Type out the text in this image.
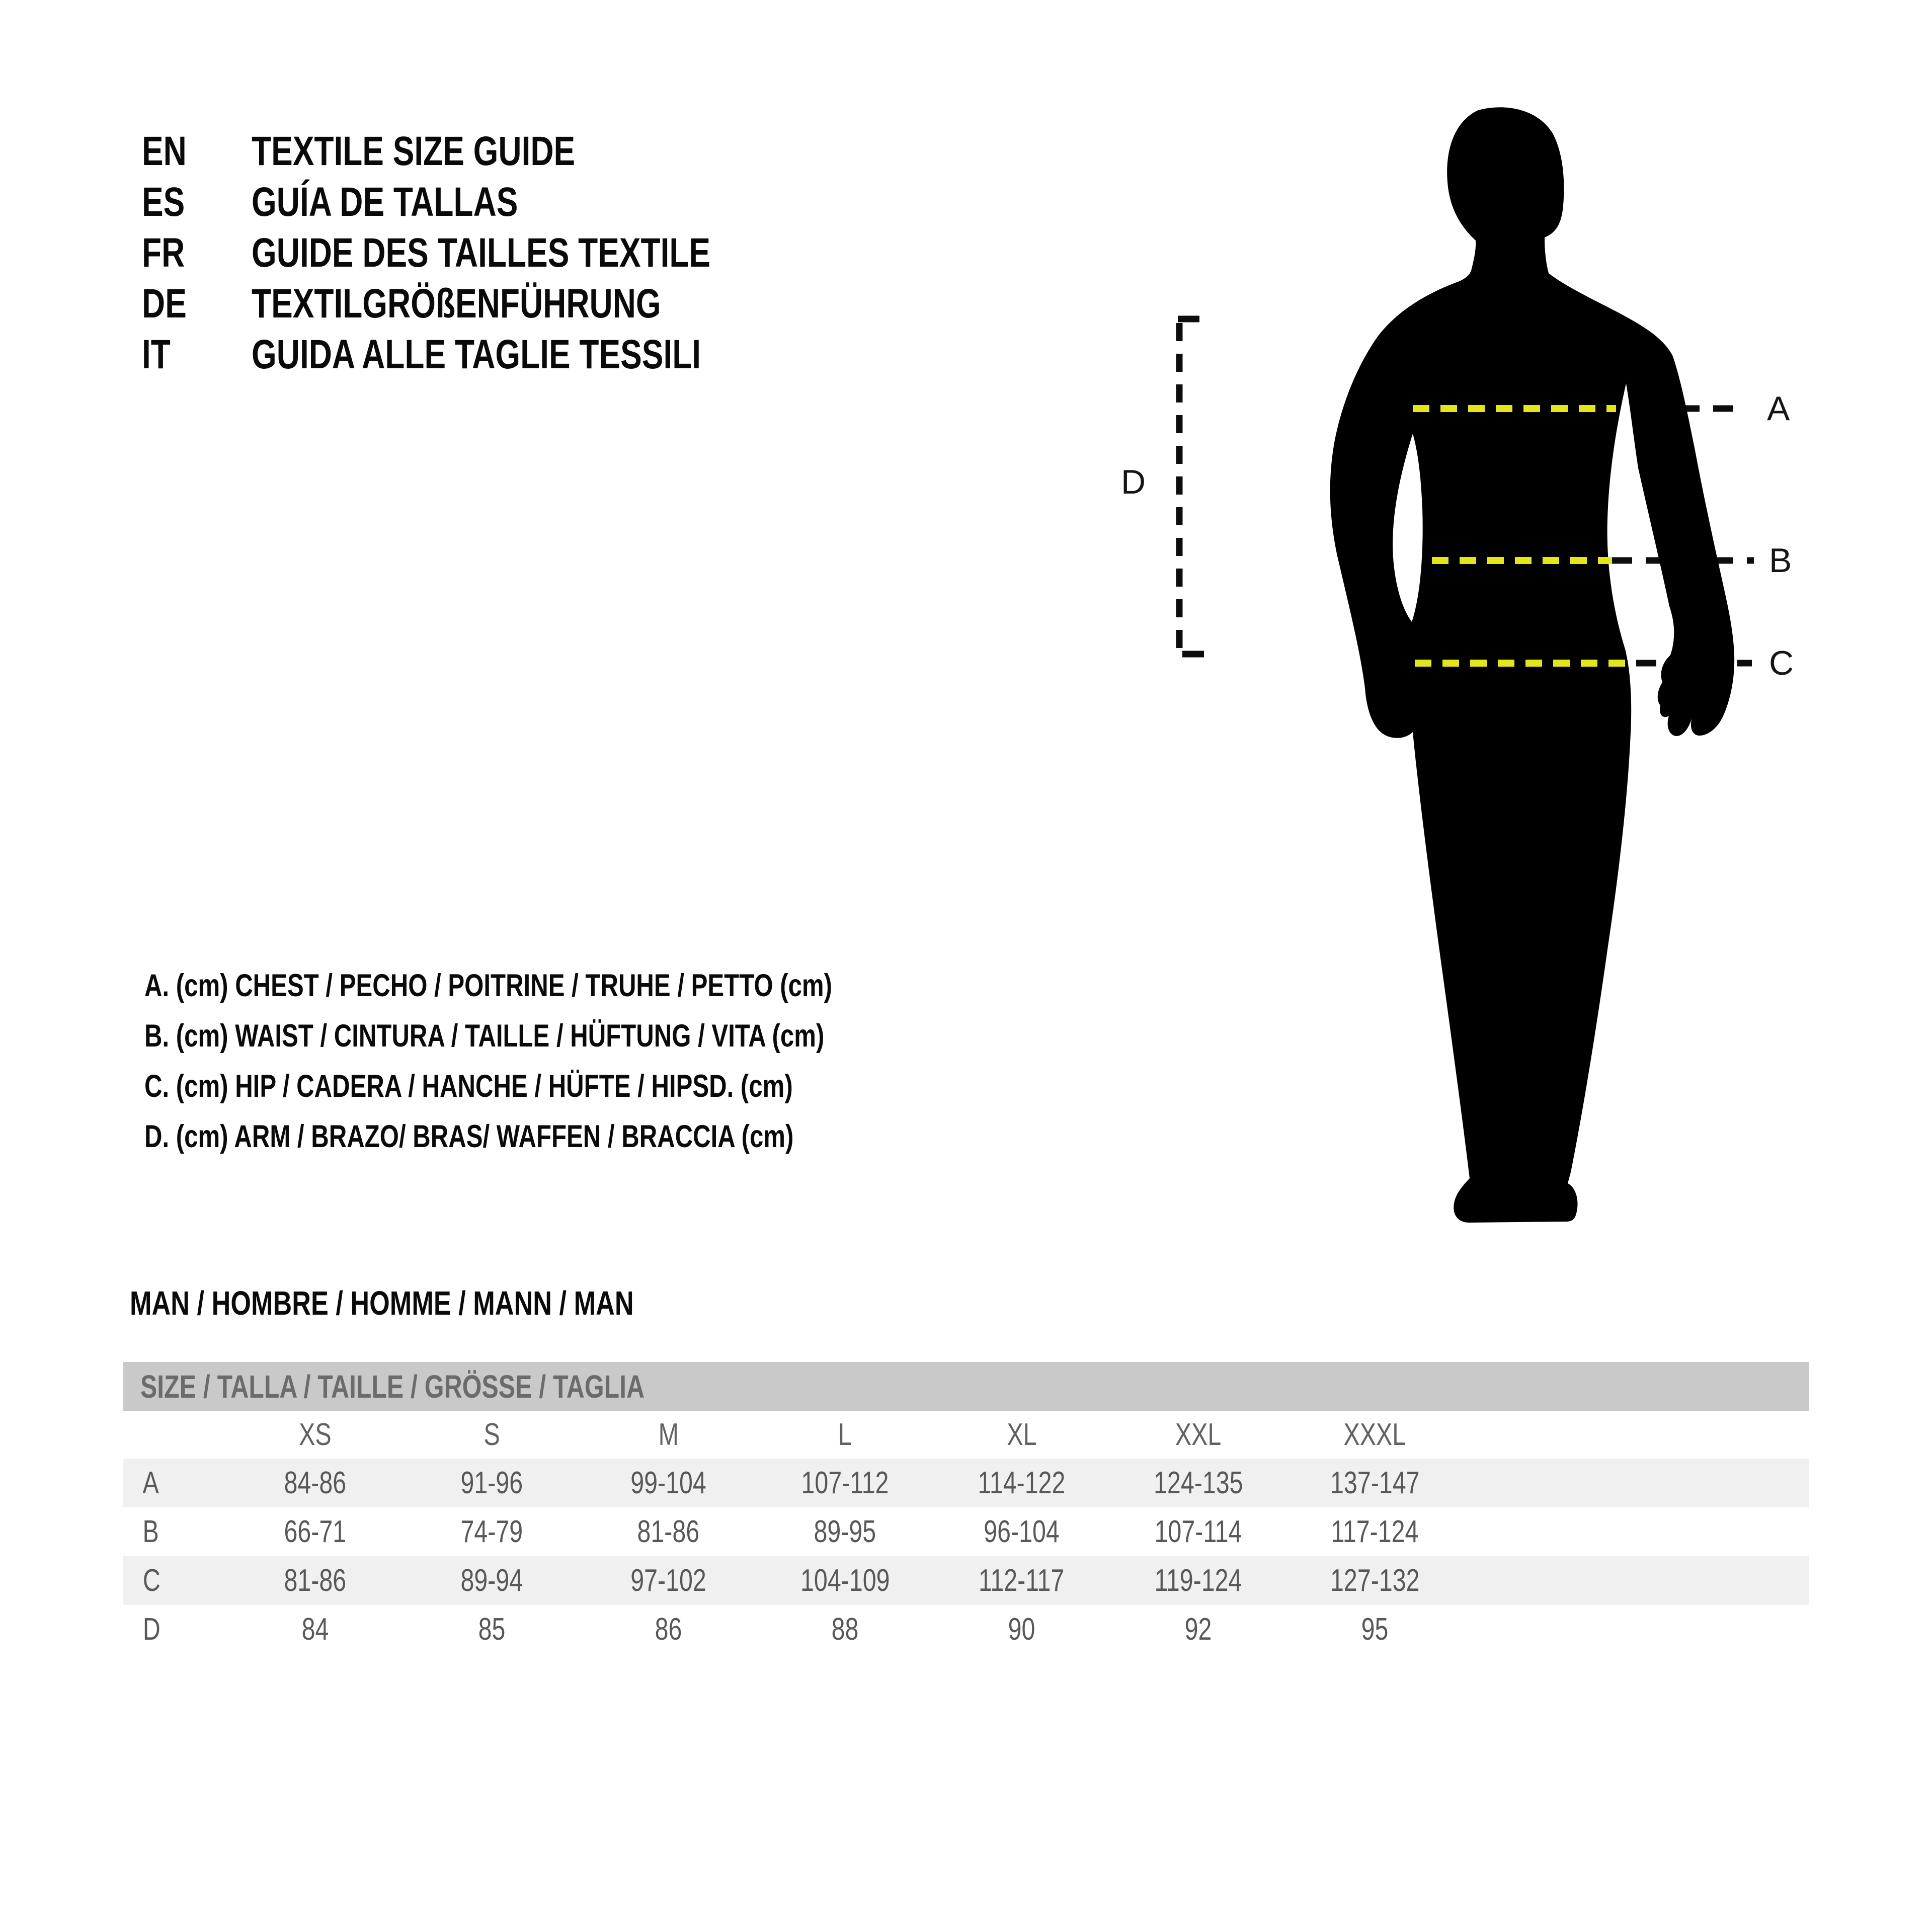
EN	TEXTILE SIZE GUIDE
ES	GUÍA DE TALLAS
FR	GUIDE DES TAILLES TEXTILE
DE	TEXTILGRÖßENFÜHRUNG
IT	GUIDA ALLE TAGLIE TESSILI
A
B
C
D
A. (cm) CHEST / PECHO / POITRINE / TRUHE / PETTO (cm)
B. (cm) WAIST / CINTURA / TAILLE / HÜFTUNG / VITA (cm)
C. (cm) HIP / CADERA / HANCHE / HÜFTE / HIPSD. (cm)
D. (cm) ARM / BRAZO/ BRAS/ WAFFEN / BRACCIA (cm)
MAN / HOMBRE / HOMME / MANN / MAN
SIZE / TALLA / TAILLE / GRÖSSE / TAGLIA
XS	S	M	L	XL	XXL	XXXL
A	84-86	91-96	99-104	107-112	114-122	124-135	137-147
B	66-71	74-79	81-86	89-95	96-104	107-114	117-124
C	81-86	89-94	97-102	104-109	112-117	119-124	127-132
D	84	85	86	88	90	92	95
